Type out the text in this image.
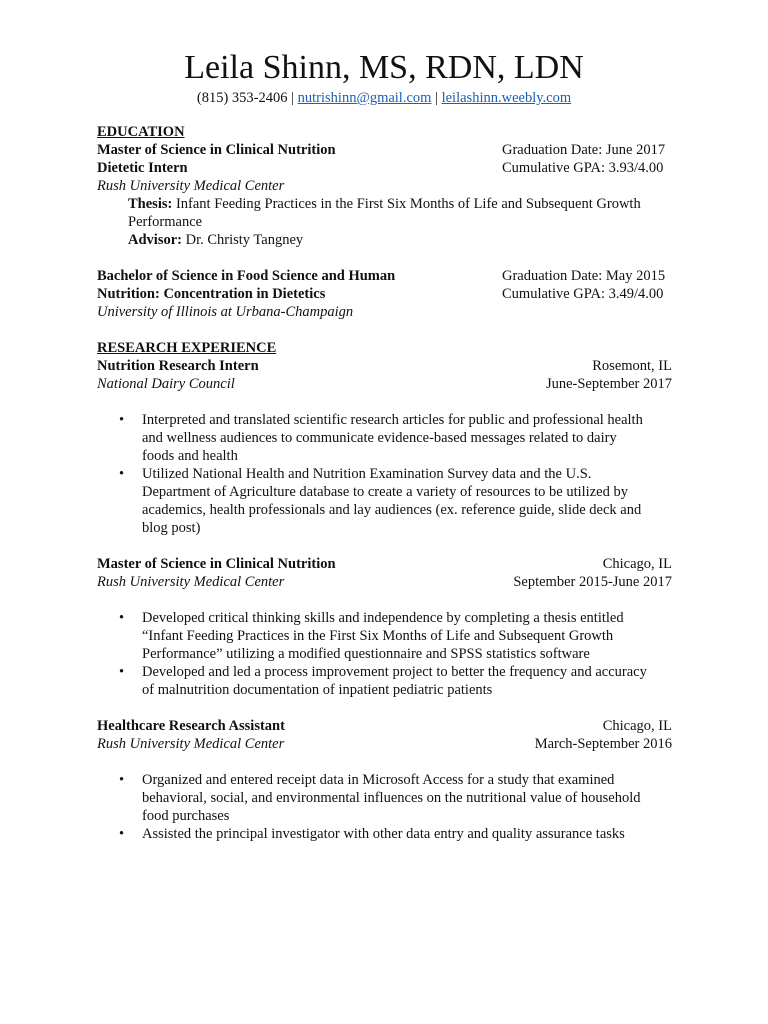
Leila Shinn, MS, RDN, LDN
(815) 353-2406 | nutrishinn@gmail.com | leilashinn.weebly.com
EDUCATION
Master of Science in Clinical Nutrition	Graduation Date: June 2017
Dietetic Intern	Cumulative GPA: 3.93/4.00
Rush University Medical Center
Thesis: Infant Feeding Practices in the First Six Months of Life and Subsequent Growth
Performance
Advisor: Dr. Christy Tangney
Bachelor of Science in Food Science and Human	Graduation Date: May 2015
Nutrition: Concentration in Dietetics	Cumulative GPA: 3.49/4.00
University of Illinois at Urbana-Champaign
RESEARCH EXPERIENCE
Nutrition Research Intern	Rosemont, IL
National Dairy Council	June-September 2017
• Interpreted and translated scientific research articles for public and professional health
and wellness audiences to communicate evidence-based messages related to dairy
foods and health
• Utilized National Health and Nutrition Examination Survey data and the U.S.
Department of Agriculture database to create a variety of resources to be utilized by
academics, health professionals and lay audiences (ex. reference guide, slide deck and
blog post)
Master of Science in Clinical Nutrition	Chicago, IL
Rush University Medical Center	September 2015-June 2017
• Developed critical thinking skills and independence by completing a thesis entitled
“Infant Feeding Practices in the First Six Months of Life and Subsequent Growth
Performance” utilizing a modified questionnaire and SPSS statistics software
• Developed and led a process improvement project to better the frequency and accuracy
of malnutrition documentation of inpatient pediatric patients
Healthcare Research Assistant	Chicago, IL
Rush University Medical Center	March-September 2016
• Organized and entered receipt data in Microsoft Access for a study that examined
behavioral, social, and environmental influences on the nutritional value of household
food purchases
• Assisted the principal investigator with other data entry and quality assurance tasks
